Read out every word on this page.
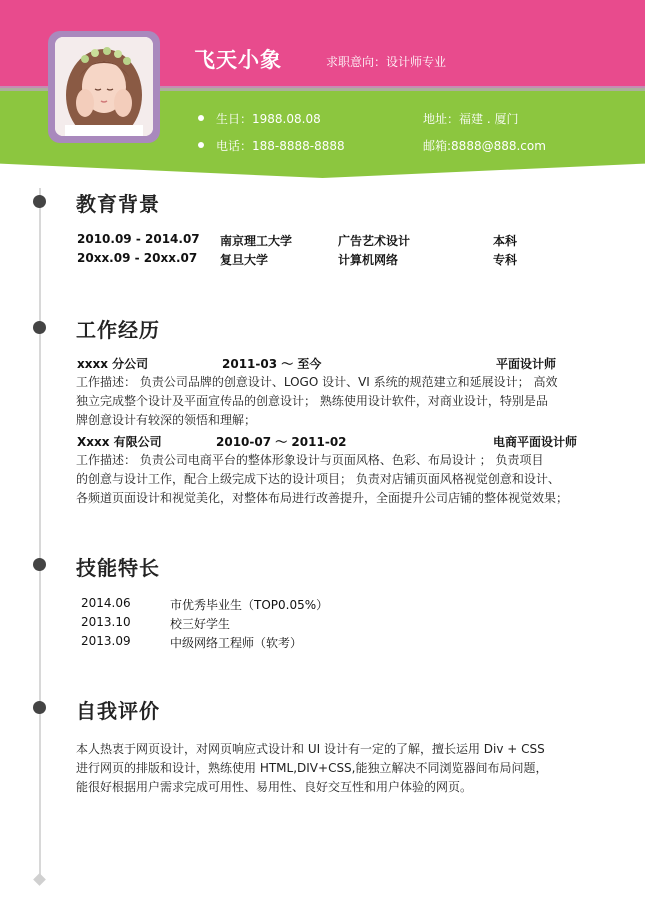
飞天小象	求职意向：设计师专业
生日：1988.08.08	地址：福建 . 厦门
电话：188-8888-8888	邮箱:8888@888.com
教育背景
2010.09 - 2014.07 南京理工大学	广告艺术设计	本科
20xx.09 - 20xx.07 复旦大学	计算机网络	专科
工作经历
xxxx 分公司	2011-03 ～ 至今	平面设计师
工作描述： 负责公司品牌的创意设计、LOGO 设计、VI 系统的规范建立和延展设计； 高效
独立完成整个设计及平面宣传品的创意设计； 熟练使用设计软件，对商业设计，特别是品
牌创意设计有较深的领悟和理解；
Xxxx 有限公司	2010-07 ～ 2011-02	电商平面设计师
工作描述： 负责公司电商平台的整体形象设计与页面风格、色彩、布局设计 ； 负责项目
的创意与设计工作，配合上级完成下达的设计项目； 负责对店铺页面风格视觉创意和设计、
各频道页面设计和视觉美化，对整体布局进行改善提升，全面提升公司店铺的整体视觉效果；
技能特长
2014.06	市优秀毕业生（TOP0.05%）
2013.10	校三好学生
2013.09	中级网络工程师（软考）
自我评价
本人热衷于网页设计，对网页响应式设计和 UI 设计有一定的了解，擅长运用 Div + CSS
进行网页的排版和设计，熟练使用 HTML,DIV+CSS,能独立解决不同浏览器间布局问题，
能很好根据用户需求完成可用性、易用性、良好交互性和用户体验的网页。
